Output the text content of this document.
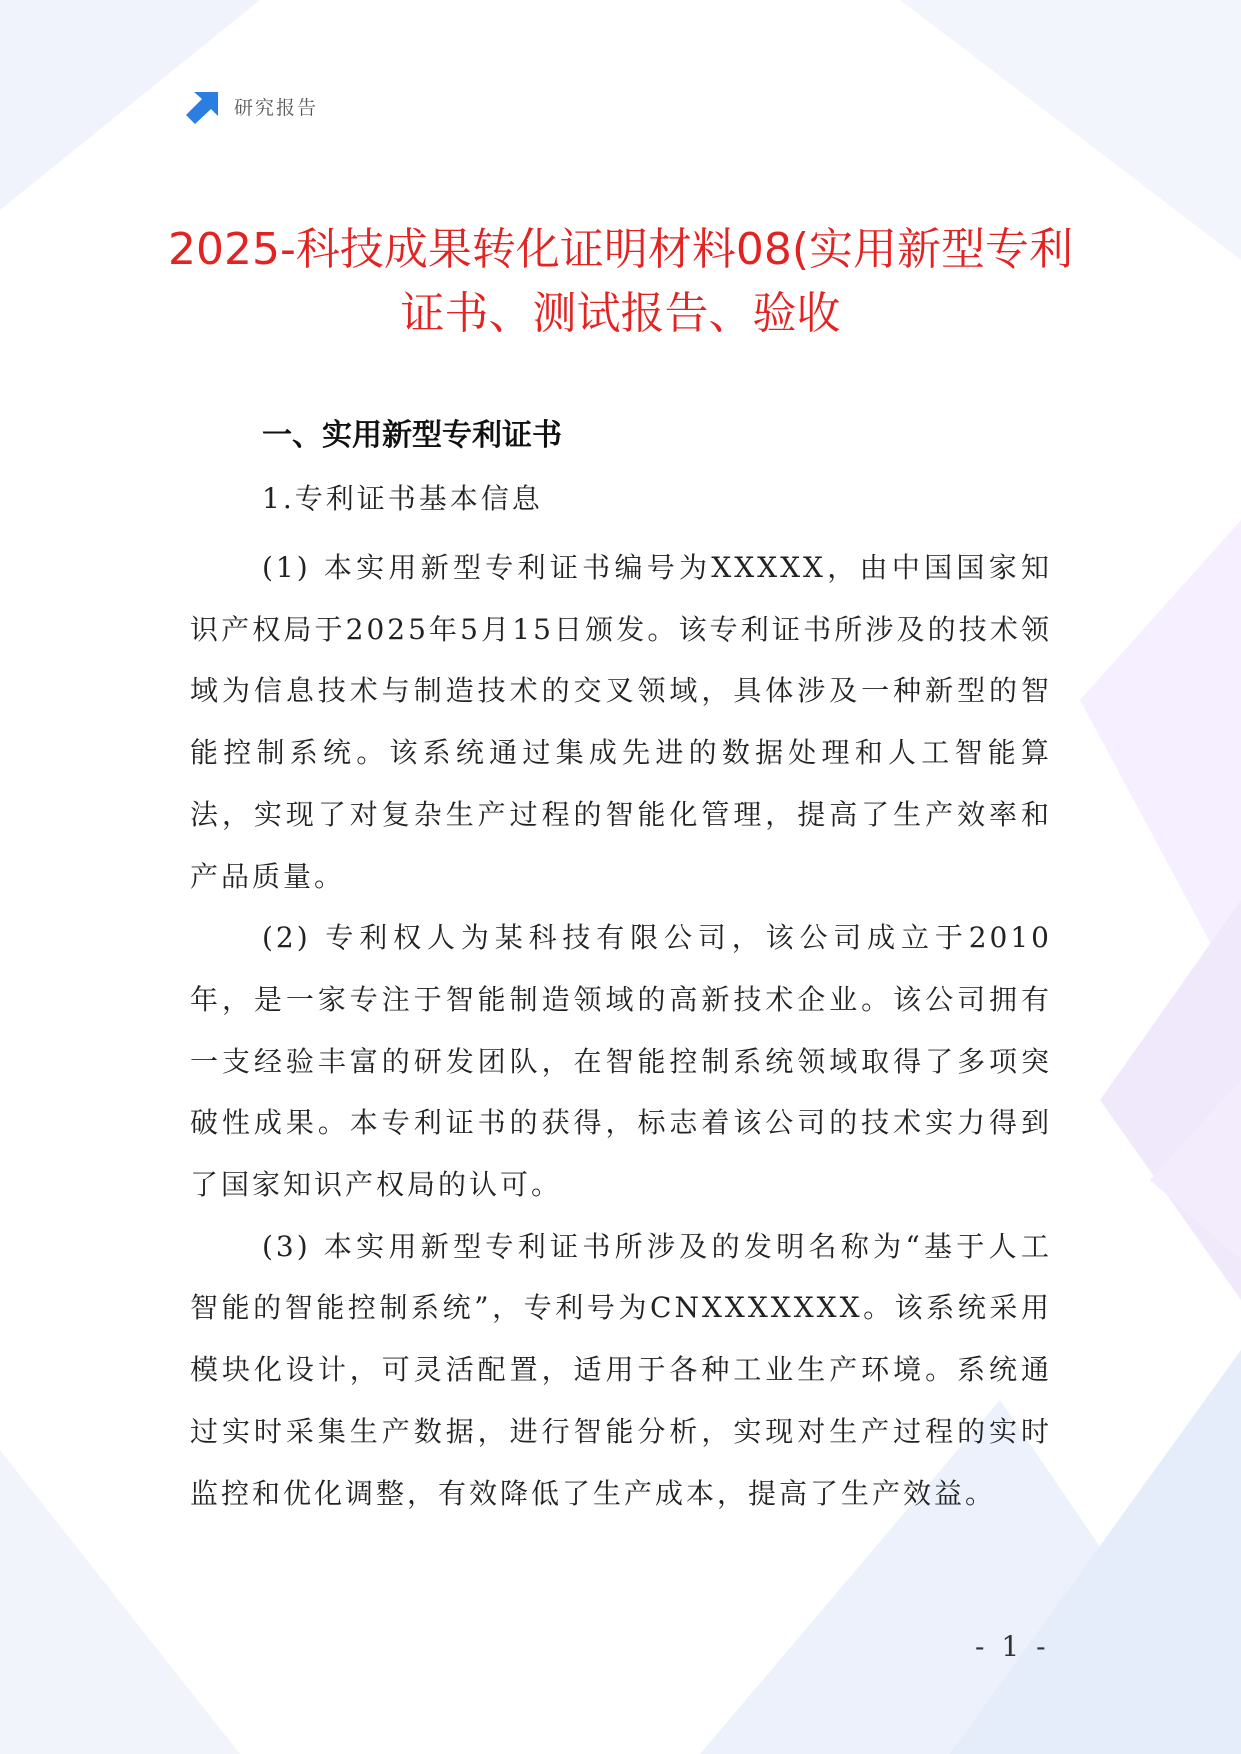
研究报告
2025-科技成果转化证明材料08(实用新型专利证书、测试报告、验收

一、实用新型专利证书

1.专利证书基本信息

(1) 本实用新型专利证书编号为XXXXX，由中国国家知识产权局于2025年5月15日颁发。该专利证书所涉及的技术领域为信息技术与制造技术的交叉领域，具体涉及一种新型的智能控制系统。该系统通过集成先进的数据处理和人工智能算法，实现了对复杂生产过程的智能化管理，提高了生产效率和产品质量。

(2) 专利权人为某科技有限公司，该公司成立于2010年，是一家专注于智能制造领域的高新技术企业。该公司拥有一支经验丰富的研发团队，在智能控制系统领域取得了多项突破性成果。本专利证书的获得，标志着该公司的技术实力得到了国家知识产权局的认可。

(3) 本实用新型专利证书所涉及的发明名称为“基于人工智能的智能控制系统”，专利号为CNXXXXXXX。该系统采用模块化设计，可灵活配置，适用于各种工业生产环境。系统通过实时采集生产数据，进行智能分析，实现对生产过程的实时监控和优化调整，有效降低了生产成本，提高了生产效益。

- 1 -
